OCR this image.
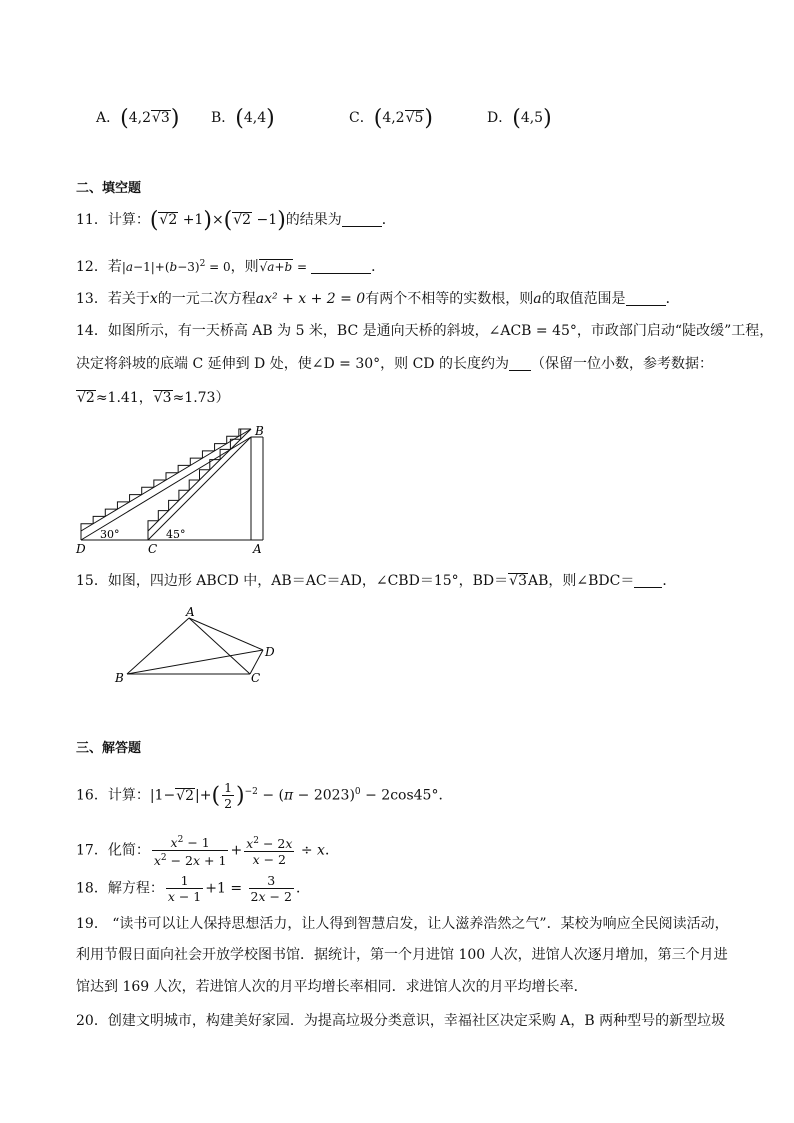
A．(4,2√3) B．(4,4)	C．(4,2√5)	D．(4,5)
二、填空题
11．计算：(√2 +1)×(√2 −1)的结果为	．
12．若$|a-1|+(b-3)^2 = 0$，则√a+b =	．
13．若关于x的一元二次方程ax² + x + 2 = 0有两个不相等的实数根，则a的取值范围是	．
14．如图所示，有一天桥高 AB 为 5 米，BC 是通向天桥的斜坡，∠ACB = 45°，市政部门启动“陡改缓”工程，
决定将斜坡的底端 C 延伸到 D 处，使∠D = 30°，则 CD 的长度约为 （保留一位小数，参考数据：
√2≈1.41，√3≈1.73）
B
D	C	A
30°	45°
15．如图，四边形 ABCD 中，AB＝AC＝AD，∠CBD＝15°，BD＝√3AB，则∠BDC＝ ．
A
B	C
D
三、解答题
16．计算：$|1-√2|+( \frac{1}{2} )^{-2} - (\pi - 2023)^0 - 2\cos 45^\circ$．
17．化简： $\frac{x^2 - 1}{x^2 - 2x + 1} + \frac{x^2 - 2x}{x - 2} \div x$．
18．解方程： $\frac{1}{x - 1} +1 = \frac{3}{2x - 2}$ ．
19． “读书可以让人保持思想活力，让人得到智慧启发，让人滋养浩然之气”．某校为响应全民阅读活动，
利用节假日面向社会开放学校图书馆．据统计，第一个月进馆 100 人次，进馆人次逐月增加，第三个月进
馆达到 169 人次，若进馆人次的月平均增长率相同．求进馆人次的月平均增长率．
20．创建文明城市，构建美好家园．为提高垃圾分类意识，幸福社区决定采购 A，B 两种型号的新型垃圾
